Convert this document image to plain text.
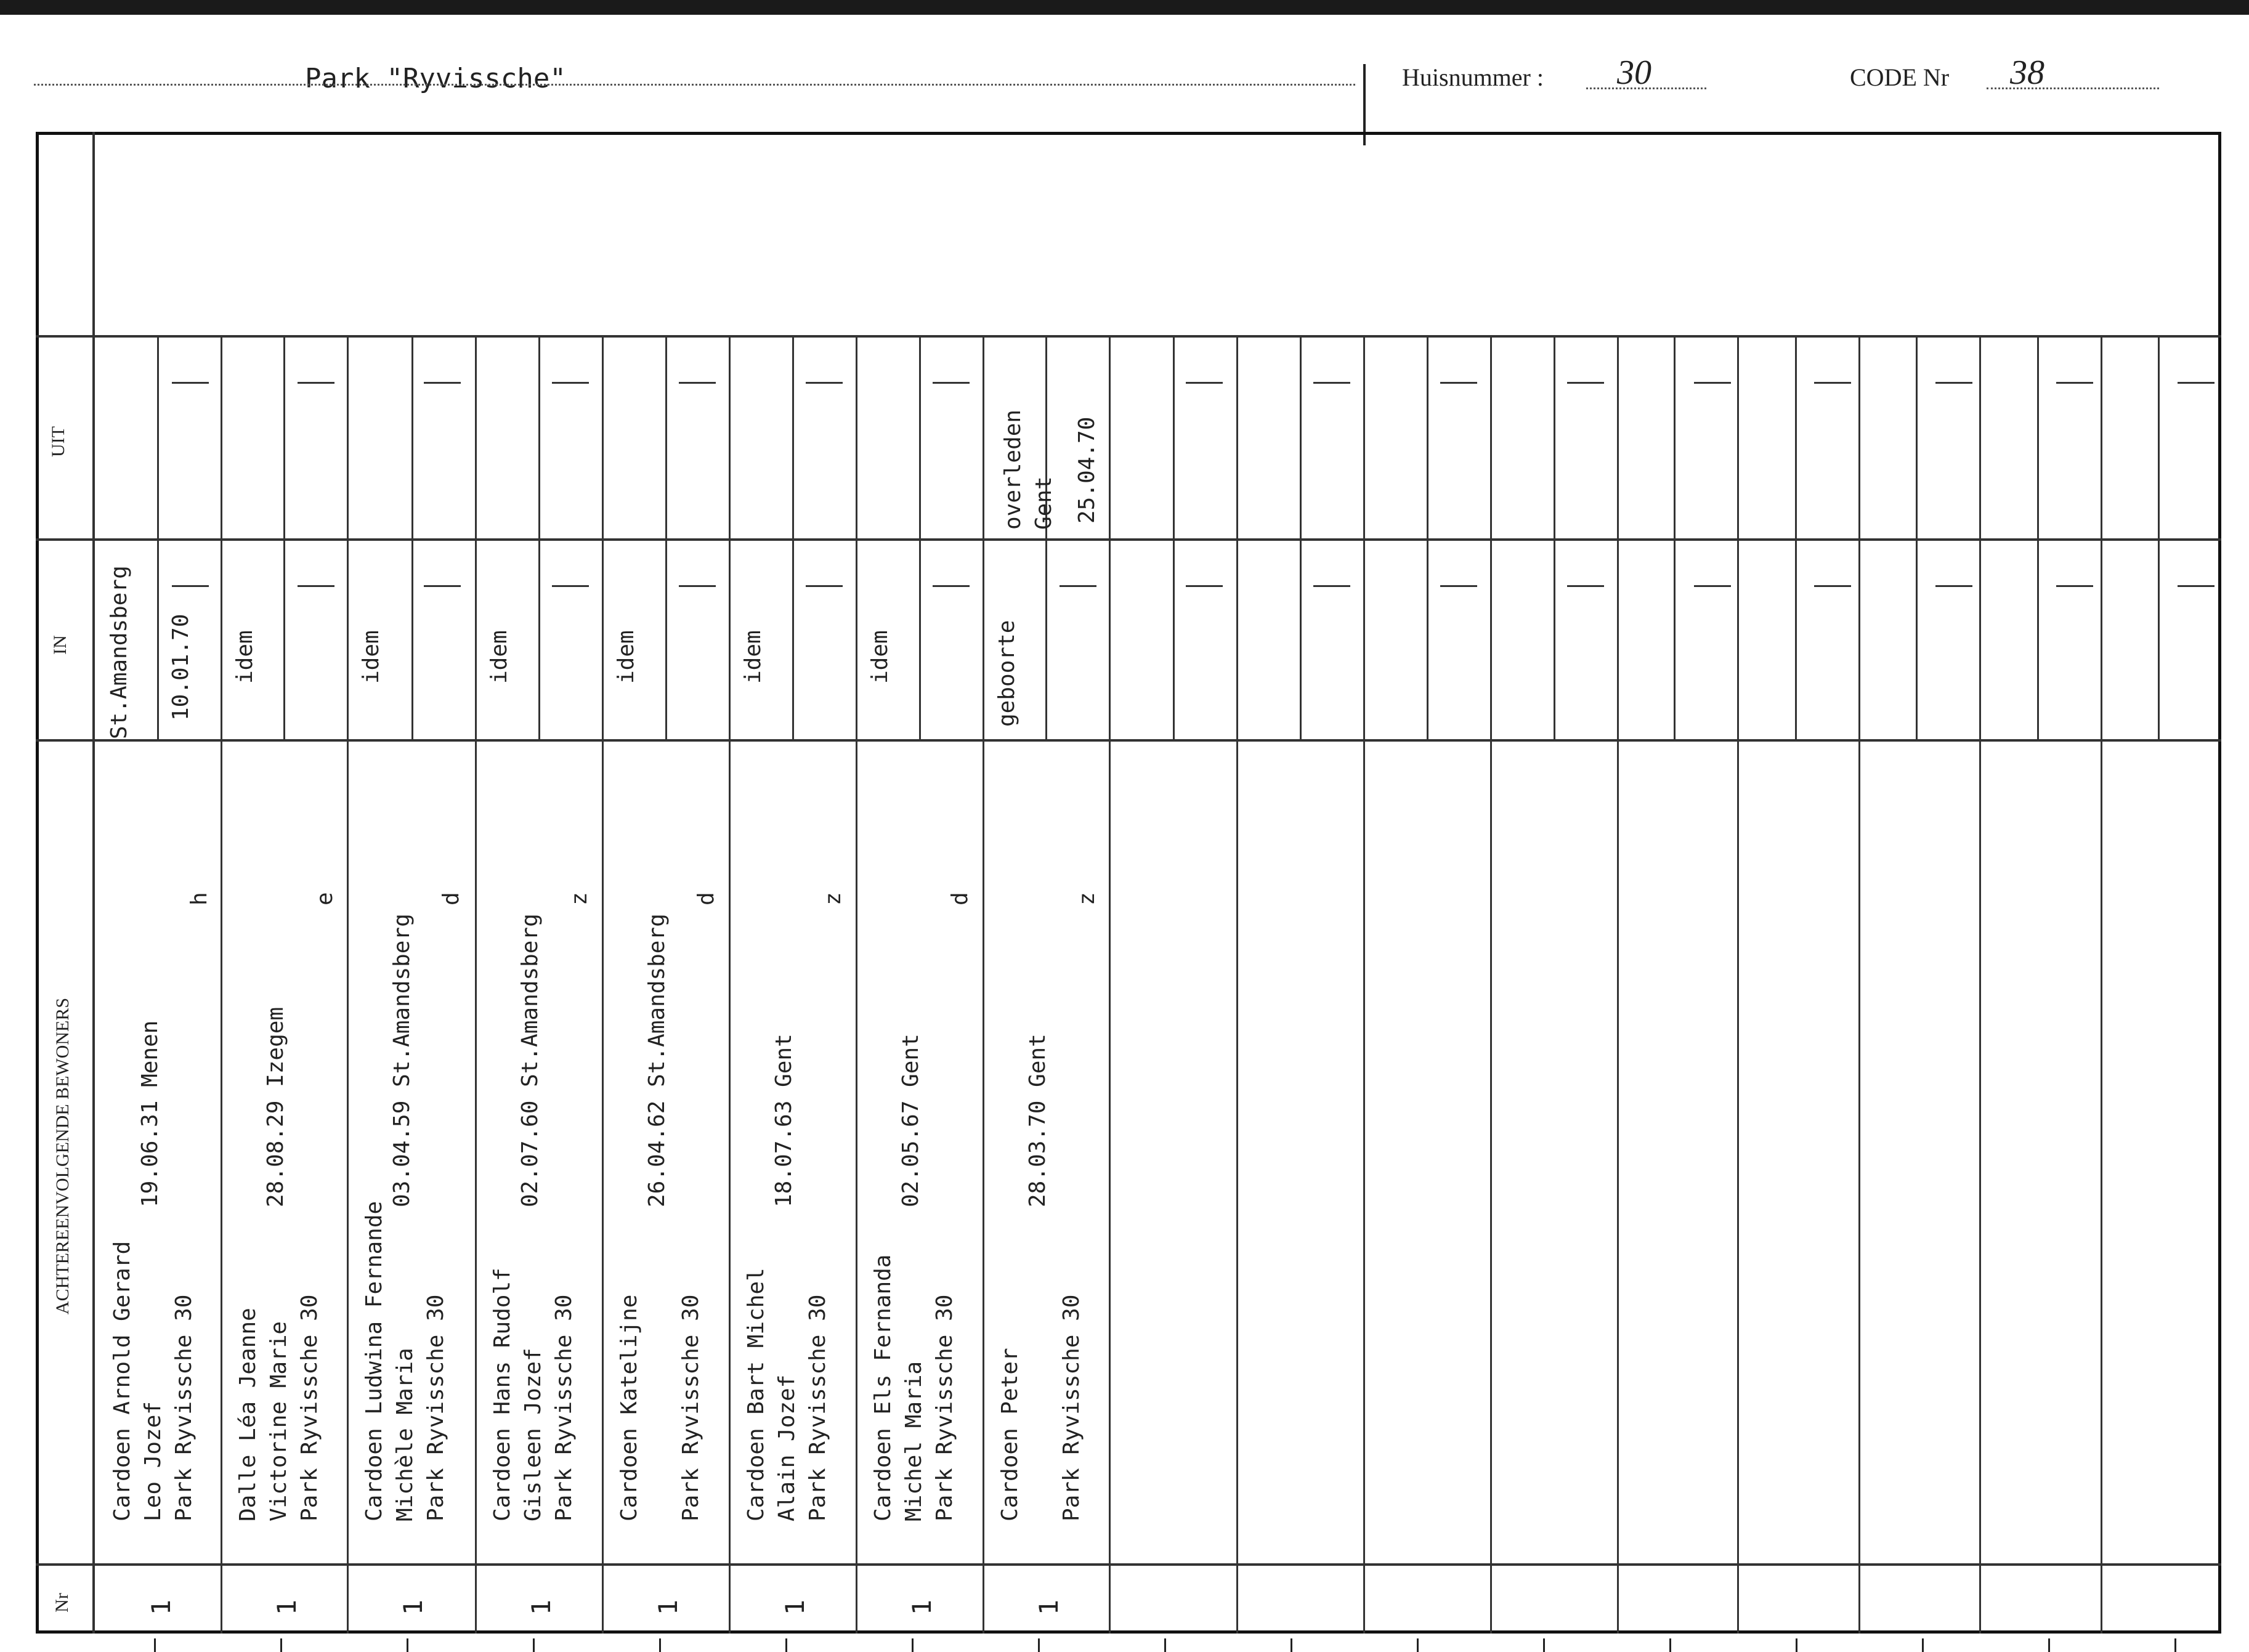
Park "Ryvissche"	Huisnummer : 30	CODE Nr 38
UIT
IN
ACHTEREENVOLGENDE BEWONERS
Nr
Cardoen Arnold Gerard Leo Jozef Park Ryvissche 30
19.06.31 Menen
h
1
St.Amandsberg 10.01.70
Dalle Léa Jeanne Victorine Marie Park Ryvissche 30
28.08.29 Izegem
e
1
idem
Cardoen Ludwina Fernande Michèle Maria Park Ryvissche 30
03.04.59 St.Amandsberg
d
1
idem
Cardoen Hans Rudolf Gisleen Jozef Park Ryvissche 30
02.07.60 St.Amandsberg
z
1
idem
Cardoen Katelijne
Park Ryvissche 30
26.04.62 St.Amandsberg
d
1
idem
Cardoen Bart Michel Alain Jozef Park Ryvissche 30
18.07.63 Gent
z
1
idem
Cardoen Els Fernanda Michel Maria Park Ryvissche 30
02.05.67 Gent
d
1
idem
Cardoen Peter
Park Ryvissche 30
28.03.70 Gent
z
1
geboorte
overleden Gent 25.04.70
